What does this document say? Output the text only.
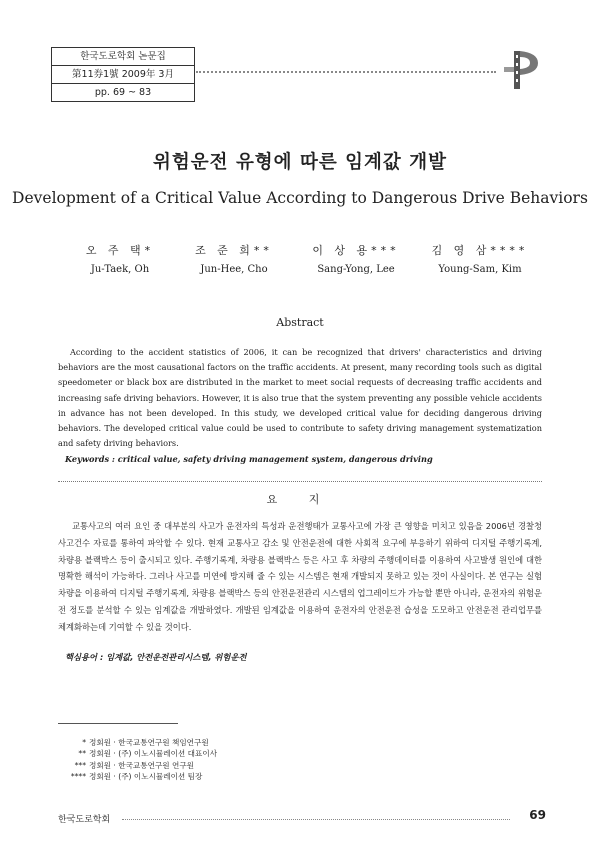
한국도로학회 논문집
第11券1號 2009年 3月
pp. 69 ~ 83
위험운전 유형에 따른 임계값 개발
Development of a Critical Value According to Dangerous Drive Behaviors
오 주 택*
Ju-Taek, Oh
조 준 희**
Jun-Hee, Cho
이 상 용***
Sang-Yong, Lee
김 영 삼****
Young-Sam, Kim
Abstract
According to the accident statistics of 2006, it can be recognized that drivers' characteristics and driving behaviors are the most causational factors on the traffic accidents. At present, many recording tools such as digital speedometer or black box are distributed in the market to meet social requests of decreasing traffic accidents and increasing safe driving behaviors. However, it is also true that the system preventing any possible vehicle accidents in advance has not been developed. In this study, we developed critical value for deciding dangerous driving behaviors. The developed critical value could be used to contribute to safety driving management systematization and safety driving behaviors.
Keywords : critical value, safety driving management system, dangerous driving
요 지
교통사고의 여러 요인 중 대부분의 사고가 운전자의 특성과 운전행태가 교통사고에 가장 큰 영향을 미치고 있음을 2006년 경찰청 사고건수 자료를 통하여 파악할 수 있다. 현재 교통사고 감소 및 안전운전에 대한 사회적 요구에 부응하기 위하여 디지털 주행기록계, 차량용 블랙박스 등이 출시되고 있다. 주행기록계, 차량용 블랙박스 등은 사고 후 차량의 주행데이터를 이용하여 사고발생 원인에 대한 명확한 해석이 가능하다. 그러나 사고를 미연에 방지해 줄 수 있는 시스템은 현재 개발되지 못하고 있는 것이 사실이다. 본 연구는 실험차량을 이용하여 디지털 주행기록계, 차량용 블랙박스 등의 안전운전관리 시스템의 업그레이드가 가능할 뿐만 아니라, 운전자의 위험운전 정도를 분석할 수 있는 임계값을 개발하였다. 개발된 임계값을 이용하여 운전자의 안전운전 습성을 도모하고 안전운전 관리업무를 체계화하는데 기여할 수 있을 것이다.
핵심용어 : 임계값, 안전운전관리시스템, 위험운전
* 정회원 · 한국교통연구원 책임연구원
** 정회원 · (주) 이노시뮬레이션 대표이사
*** 정회원 · 한국교통연구원 연구원
**** 정회원 · (주) 이노시뮬레이션 팀장
한국도로학회	69
